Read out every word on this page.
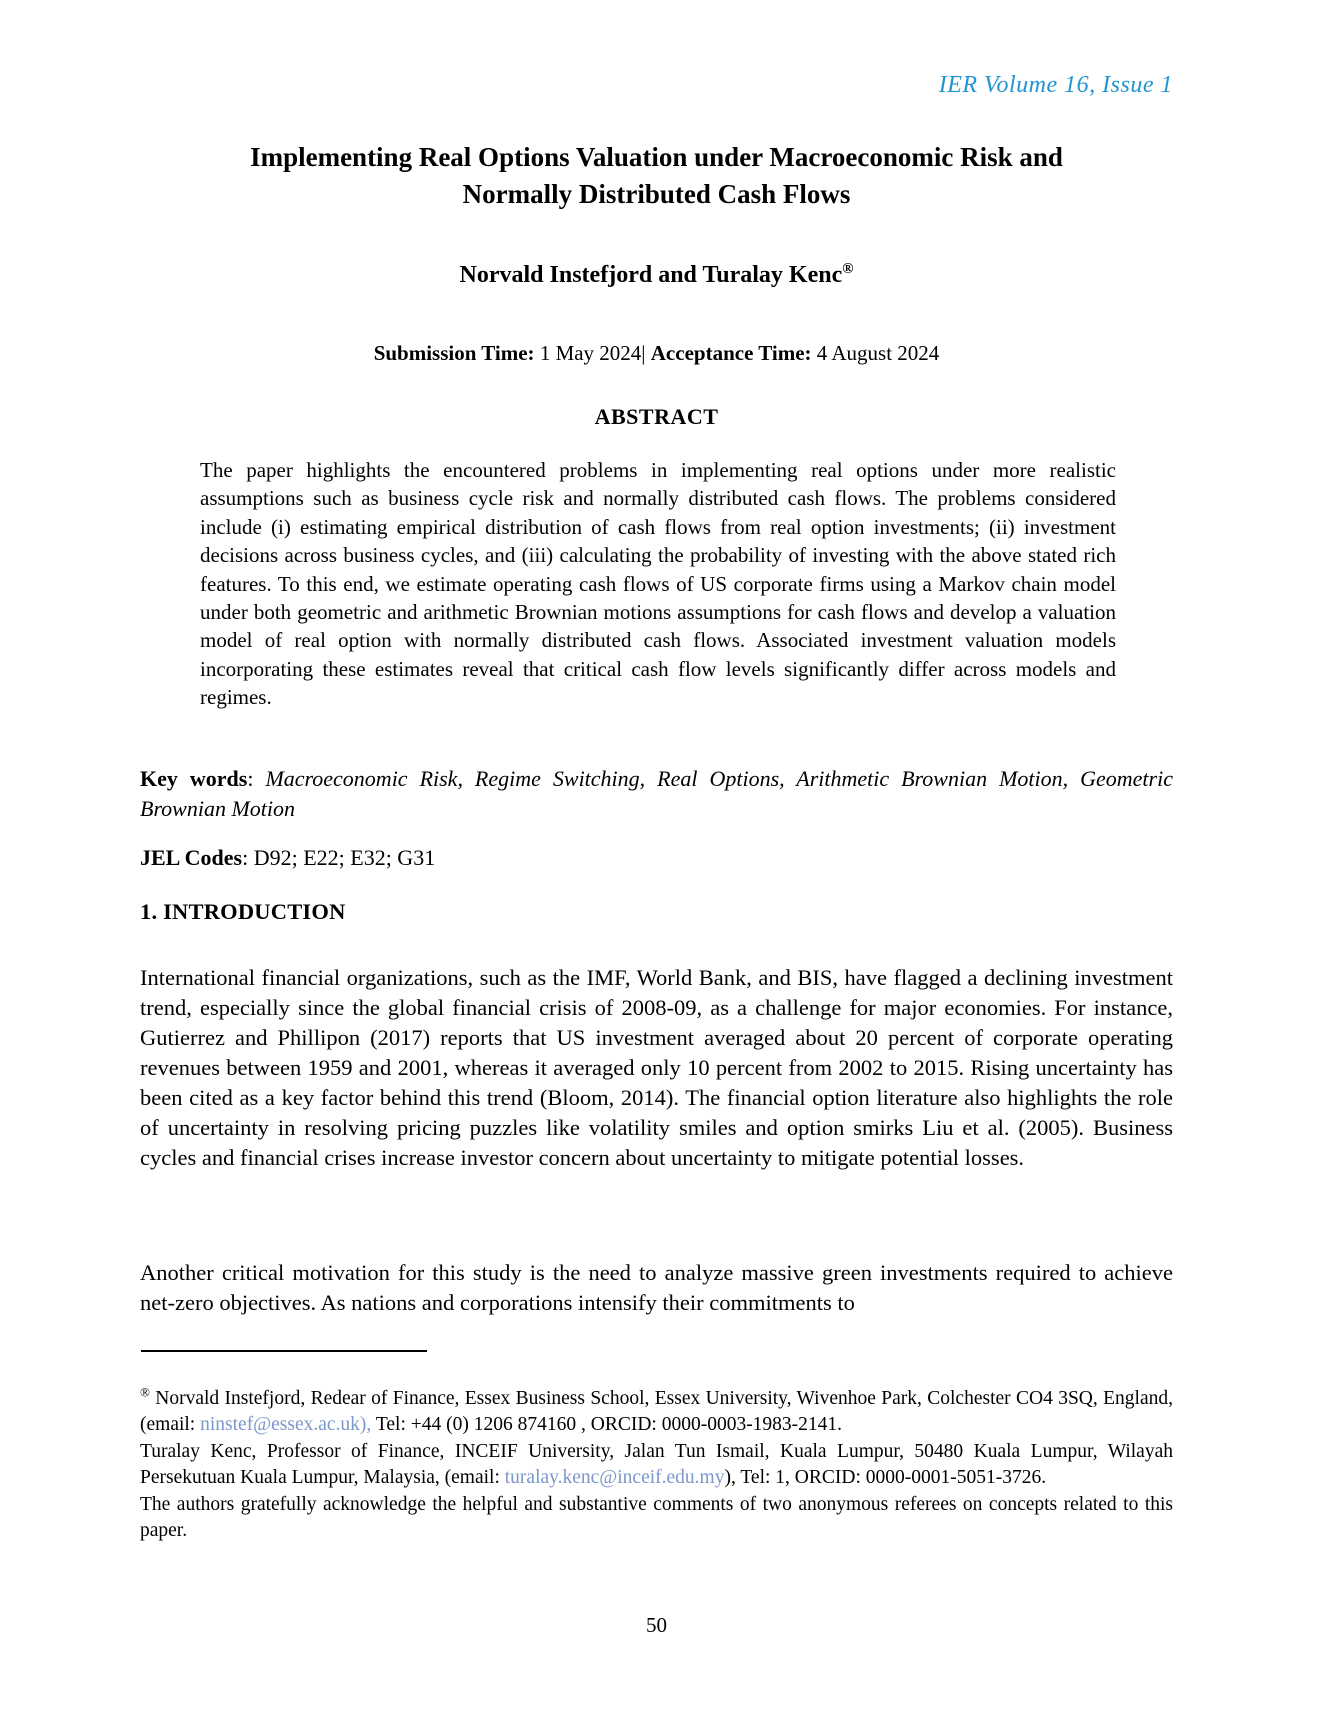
IER Volume 16, Issue 1
Implementing Real Options Valuation under Macroeconomic Risk and
Normally Distributed Cash Flows
Norvald Instefjord and Turalay Kenc®
Submission Time: 1 May 2024| Acceptance Time: 4 August 2024
ABSTRACT
The paper highlights the encountered problems in implementing real options under more realistic assumptions such as business cycle risk and normally distributed cash flows. The problems considered include (i) estimating empirical distribution of cash flows from real option investments; (ii) investment decisions across business cycles, and (iii) calculating the probability of investing with the above stated rich features. To this end, we estimate operating cash flows of US corporate firms using a Markov chain model under both geometric and arithmetic Brownian motions assumptions for cash flows and develop a valuation model of real option with normally distributed cash flows. Associated investment valuation models incorporating these estimates reveal that critical cash flow levels significantly differ across models and regimes.
Key words: Macroeconomic Risk, Regime Switching, Real Options, Arithmetic Brownian Motion, Geometric Brownian Motion
JEL Codes: D92; E22; E32; G31
1. INTRODUCTION
International financial organizations, such as the IMF, World Bank, and BIS, have flagged a declining investment trend, especially since the global financial crisis of 2008-09, as a challenge for major economies. For instance, Gutierrez and Phillipon (2017) reports that US investment averaged about 20 percent of corporate operating revenues between 1959 and 2001, whereas it averaged only 10 percent from 2002 to 2015. Rising uncertainty has been cited as a key factor behind this trend (Bloom, 2014). The financial option literature also highlights the role of uncertainty in resolving pricing puzzles like volatility smiles and option smirks Liu et al. (2005). Business cycles and financial crises increase investor concern about uncertainty to mitigate potential losses.
Another critical motivation for this study is the need to analyze massive green investments required to achieve net-zero objectives. As nations and corporations intensify their commitments to
® Norvald Instefjord, Redear of Finance, Essex Business School, Essex University, Wivenhoe Park, Colchester CO4 3SQ, England, (email: ninstef@essex.ac.uk), Tel: +44 (0) 1206 874160 , ORCID: 0000-0003-1983-2141.
Turalay Kenc, Professor of Finance, INCEIF University, Jalan Tun Ismail, Kuala Lumpur, 50480 Kuala Lumpur, Wilayah Persekutuan Kuala Lumpur, Malaysia, (email: turalay.kenc@inceif.edu.my), Tel: 1, ORCID: 0000-0001-5051-3726.
The authors gratefully acknowledge the helpful and substantive comments of two anonymous referees on concepts related to this paper.
50
